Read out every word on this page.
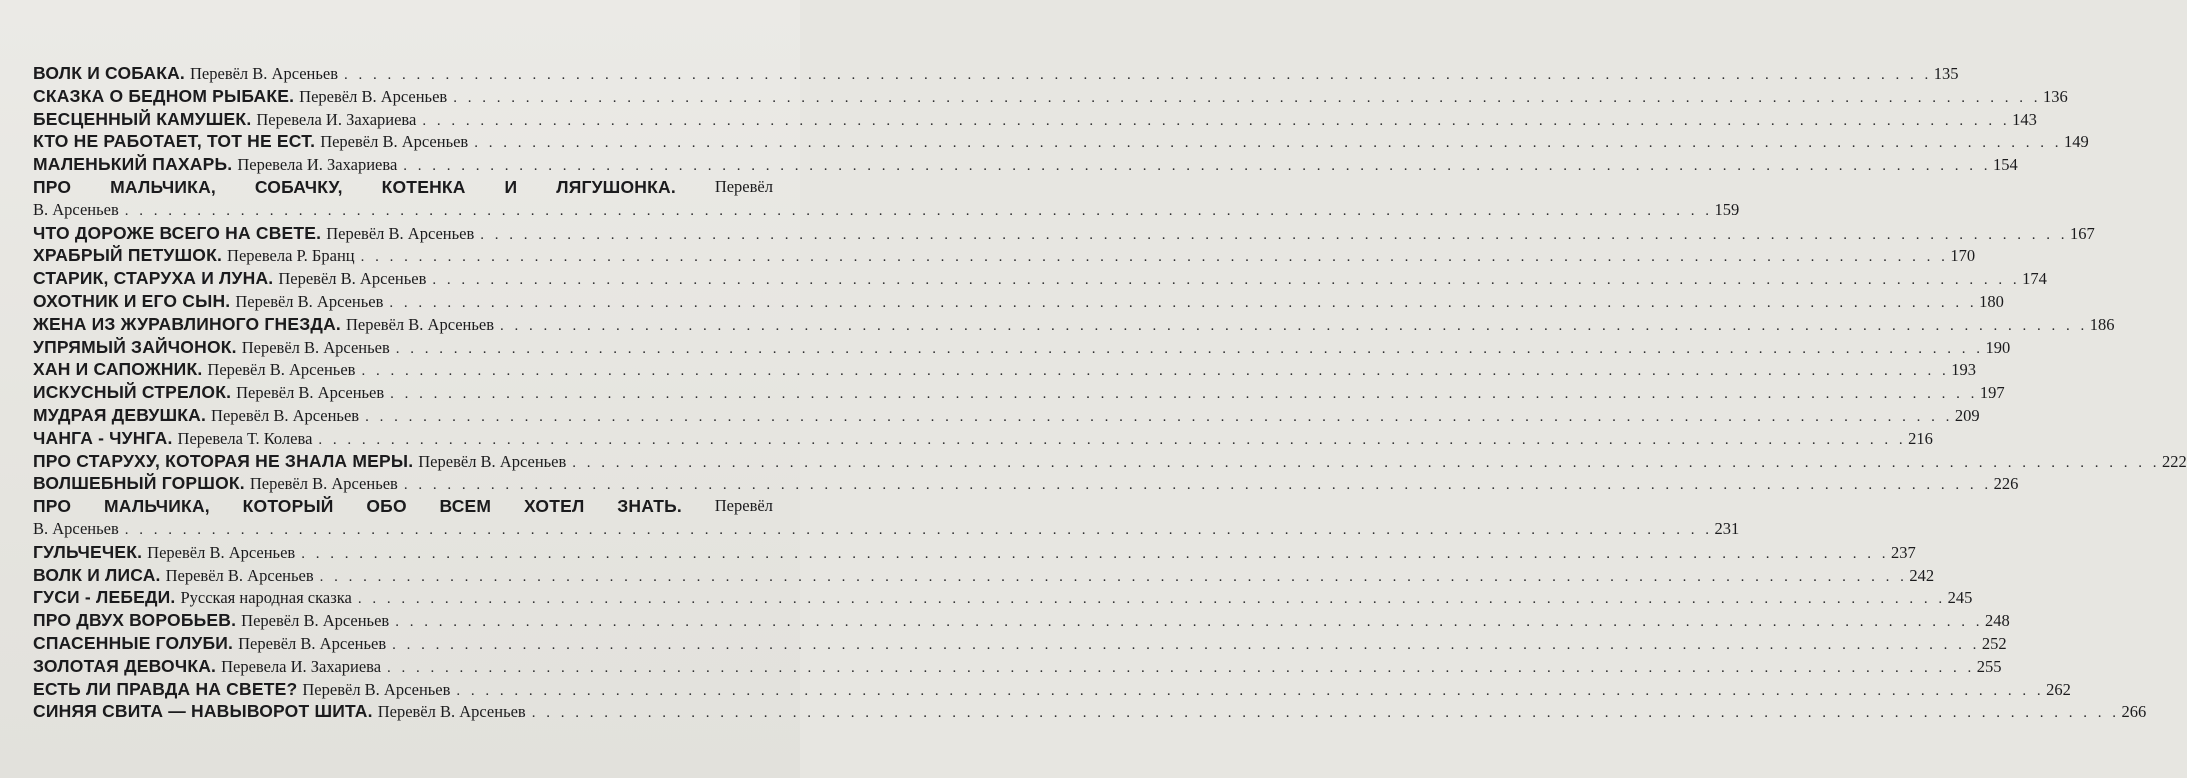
ВОЛК И СОБАКА. Перевёл В. Арсеньев . . . . . . . . . . . . . . . . . . . . . . . . . . . . . . . . . . . . . . . . . . . . . . . . . . . . . . . . . . . . . . . . . . . . . . . . . . . . . . . . . . . . . . . . . . . . . . . . . . . . . . . . . . . . . . 135
СКАЗКА О БЕДНОМ РЫБАКЕ. Перевёл В. Арсеньев . . . . . . . . . . . . . . . . . . . . . . . . . . . . . . . . . . . . . . . . . . . . . . . . . . . . . . . . . . . . . . . . . . . . . . . . . . . . . . . . . . . . . . . . . . . . . . . . . . . . . . . . . . . . . . 136
БЕСЦЕННЫЙ КАМУШЕК. Перевела И. Захариева . . . . . . . . . . . . . . . . . . . . . . . . . . . . . . . . . . . . . . . . . . . . . . . . . . . . . . . . . . . . . . . . . . . . . . . . . . . . . . . . . . . . . . . . . . . . . . . . . . . . . . . . . . . . . . 143
КТО НЕ РАБОТАЕТ, ТОТ НЕ ЕСТ. Перевёл В. Арсеньев . . . . . . . . . . . . . . . . . . . . . . . . . . . . . . . . . . . . . . . . . . . . . . . . . . . . . . . . . . . . . . . . . . . . . . . . . . . . . . . . . . . . . . . . . . . . . . . . . . . . . . . . . . . . . . 149
МАЛЕНЬКИЙ ПАХАРЬ. Перевела И. Захариева . . . . . . . . . . . . . . . . . . . . . . . . . . . . . . . . . . . . . . . . . . . . . . . . . . . . . . . . . . . . . . . . . . . . . . . . . . . . . . . . . . . . . . . . . . . . . . . . . . . . . . . . . . . . . . 154
ПРО МАЛЬЧИКА, СОБАЧКУ, КОТЕНКА И ЛЯГУШОНКА. Перевёл
В. Арсеньев . . . . . . . . . . . . . . . . . . . . . . . . . . . . . . . . . . . . . . . . . . . . . . . . . . . . . . . . . . . . . . . . . . . . . . . . . . . . . . . . . . . . . . . . . . . . . . . . . . . . . . . . . . . . . . 159
ЧТО ДОРОЖЕ ВСЕГО НА СВЕТЕ. Перевёл В. Арсеньев . . . . . . . . . . . . . . . . . . . . . . . . . . . . . . . . . . . . . . . . . . . . . . . . . . . . . . . . . . . . . . . . . . . . . . . . . . . . . . . . . . . . . . . . . . . . . . . . . . . . . . . . . . . . . . 167
ХРАБРЫЙ ПЕТУШОК. Перевела Р. Бранц . . . . . . . . . . . . . . . . . . . . . . . . . . . . . . . . . . . . . . . . . . . . . . . . . . . . . . . . . . . . . . . . . . . . . . . . . . . . . . . . . . . . . . . . . . . . . . . . . . . . . . . . . . . . . . 170
СТАРИК, СТАРУХА И ЛУНА. Перевёл В. Арсеньев . . . . . . . . . . . . . . . . . . . . . . . . . . . . . . . . . . . . . . . . . . . . . . . . . . . . . . . . . . . . . . . . . . . . . . . . . . . . . . . . . . . . . . . . . . . . . . . . . . . . . . . . . . . . . . 174
ОХОТНИК И ЕГО СЫН. Перевёл В. Арсеньев . . . . . . . . . . . . . . . . . . . . . . . . . . . . . . . . . . . . . . . . . . . . . . . . . . . . . . . . . . . . . . . . . . . . . . . . . . . . . . . . . . . . . . . . . . . . . . . . . . . . . . . . . . . . . . 180
ЖЕНА ИЗ ЖУРАВЛИНОГО ГНЕЗДА. Перевёл В. Арсеньев . . . . . . . . . . . . . . . . . . . . . . . . . . . . . . . . . . . . . . . . . . . . . . . . . . . . . . . . . . . . . . . . . . . . . . . . . . . . . . . . . . . . . . . . . . . . . . . . . . . . . . . . . . . . . . 186
УПРЯМЫЙ ЗАЙЧОНОК. Перевёл В. Арсеньев . . . . . . . . . . . . . . . . . . . . . . . . . . . . . . . . . . . . . . . . . . . . . . . . . . . . . . . . . . . . . . . . . . . . . . . . . . . . . . . . . . . . . . . . . . . . . . . . . . . . . . . . . . . . . . 190
ХАН И САПОЖНИК. Перевёл В. Арсеньев . . . . . . . . . . . . . . . . . . . . . . . . . . . . . . . . . . . . . . . . . . . . . . . . . . . . . . . . . . . . . . . . . . . . . . . . . . . . . . . . . . . . . . . . . . . . . . . . . . . . . . . . . . . . . . 193
ИСКУСНЫЙ СТРЕЛОК. Перевёл В. Арсеньев . . . . . . . . . . . . . . . . . . . . . . . . . . . . . . . . . . . . . . . . . . . . . . . . . . . . . . . . . . . . . . . . . . . . . . . . . . . . . . . . . . . . . . . . . . . . . . . . . . . . . . . . . . . . . . 197
МУДРАЯ ДЕВУШКА. Перевёл В. Арсеньев . . . . . . . . . . . . . . . . . . . . . . . . . . . . . . . . . . . . . . . . . . . . . . . . . . . . . . . . . . . . . . . . . . . . . . . . . . . . . . . . . . . . . . . . . . . . . . . . . . . . . . . . . . . . . . 209
ЧАНГА - ЧУНГА. Перевела Т. Колева . . . . . . . . . . . . . . . . . . . . . . . . . . . . . . . . . . . . . . . . . . . . . . . . . . . . . . . . . . . . . . . . . . . . . . . . . . . . . . . . . . . . . . . . . . . . . . . . . . . . . . . . . . . . . . 216
ПРО СТАРУХУ, КОТОРАЯ НЕ ЗНАЛА МЕРЫ. Перевёл В. Арсеньев . . . . . . . . . . . . . . . . . . . . . . . . . . . . . . . . . . . . . . . . . . . . . . . . . . . . . . . . . . . . . . . . . . . . . . . . . . . . . . . . . . . . . . . . . . . . . . . . . . . . . . . . . . . . . . 222
ВОЛШЕБНЫЙ ГОРШОК. Перевёл В. Арсеньев . . . . . . . . . . . . . . . . . . . . . . . . . . . . . . . . . . . . . . . . . . . . . . . . . . . . . . . . . . . . . . . . . . . . . . . . . . . . . . . . . . . . . . . . . . . . . . . . . . . . . . . . . . . . . . 226
ПРО МАЛЬЧИКА, КОТОРЫЙ ОБО ВСЕМ ХОТЕЛ ЗНАТЬ. Перевёл
В. Арсеньев . . . . . . . . . . . . . . . . . . . . . . . . . . . . . . . . . . . . . . . . . . . . . . . . . . . . . . . . . . . . . . . . . . . . . . . . . . . . . . . . . . . . . . . . . . . . . . . . . . . . . . . . . . . . . . 231
ГУЛЬЧЕЧЕК. Перевёл В. Арсеньев . . . . . . . . . . . . . . . . . . . . . . . . . . . . . . . . . . . . . . . . . . . . . . . . . . . . . . . . . . . . . . . . . . . . . . . . . . . . . . . . . . . . . . . . . . . . . . . . . . . . . . . . . . . . . . 237
ВОЛК И ЛИСА. Перевёл В. Арсеньев . . . . . . . . . . . . . . . . . . . . . . . . . . . . . . . . . . . . . . . . . . . . . . . . . . . . . . . . . . . . . . . . . . . . . . . . . . . . . . . . . . . . . . . . . . . . . . . . . . . . . . . . . . . . . . 242
ГУСИ - ЛЕБЕДИ. Русская народная сказка . . . . . . . . . . . . . . . . . . . . . . . . . . . . . . . . . . . . . . . . . . . . . . . . . . . . . . . . . . . . . . . . . . . . . . . . . . . . . . . . . . . . . . . . . . . . . . . . . . . . . . . . . . . . . . 245
ПРО ДВУХ ВОРОБЬЕВ. Перевёл В. Арсеньев . . . . . . . . . . . . . . . . . . . . . . . . . . . . . . . . . . . . . . . . . . . . . . . . . . . . . . . . . . . . . . . . . . . . . . . . . . . . . . . . . . . . . . . . . . . . . . . . . . . . . . . . . . . . . . 248
СПАСЕННЫЕ ГОЛУБИ. Перевёл В. Арсеньев . . . . . . . . . . . . . . . . . . . . . . . . . . . . . . . . . . . . . . . . . . . . . . . . . . . . . . . . . . . . . . . . . . . . . . . . . . . . . . . . . . . . . . . . . . . . . . . . . . . . . . . . . . . . . . 252
ЗОЛОТАЯ ДЕВОЧКА. Перевела И. Захариева . . . . . . . . . . . . . . . . . . . . . . . . . . . . . . . . . . . . . . . . . . . . . . . . . . . . . . . . . . . . . . . . . . . . . . . . . . . . . . . . . . . . . . . . . . . . . . . . . . . . . . . . . . . . . . 255
ЕСТЬ ЛИ ПРАВДА НА СВЕТЕ? Перевёл В. Арсеньев . . . . . . . . . . . . . . . . . . . . . . . . . . . . . . . . . . . . . . . . . . . . . . . . . . . . . . . . . . . . . . . . . . . . . . . . . . . . . . . . . . . . . . . . . . . . . . . . . . . . . . . . . . . . . . 262
СИНЯЯ СВИТА — НАВЫВОРОТ ШИТА. Перевёл В. Арсеньев . . . . . . . . . . . . . . . . . . . . . . . . . . . . . . . . . . . . . . . . . . . . . . . . . . . . . . . . . . . . . . . . . . . . . . . . . . . . . . . . . . . . . . . . . . . . . . . . . . . . . . . . . . . . . . 266
